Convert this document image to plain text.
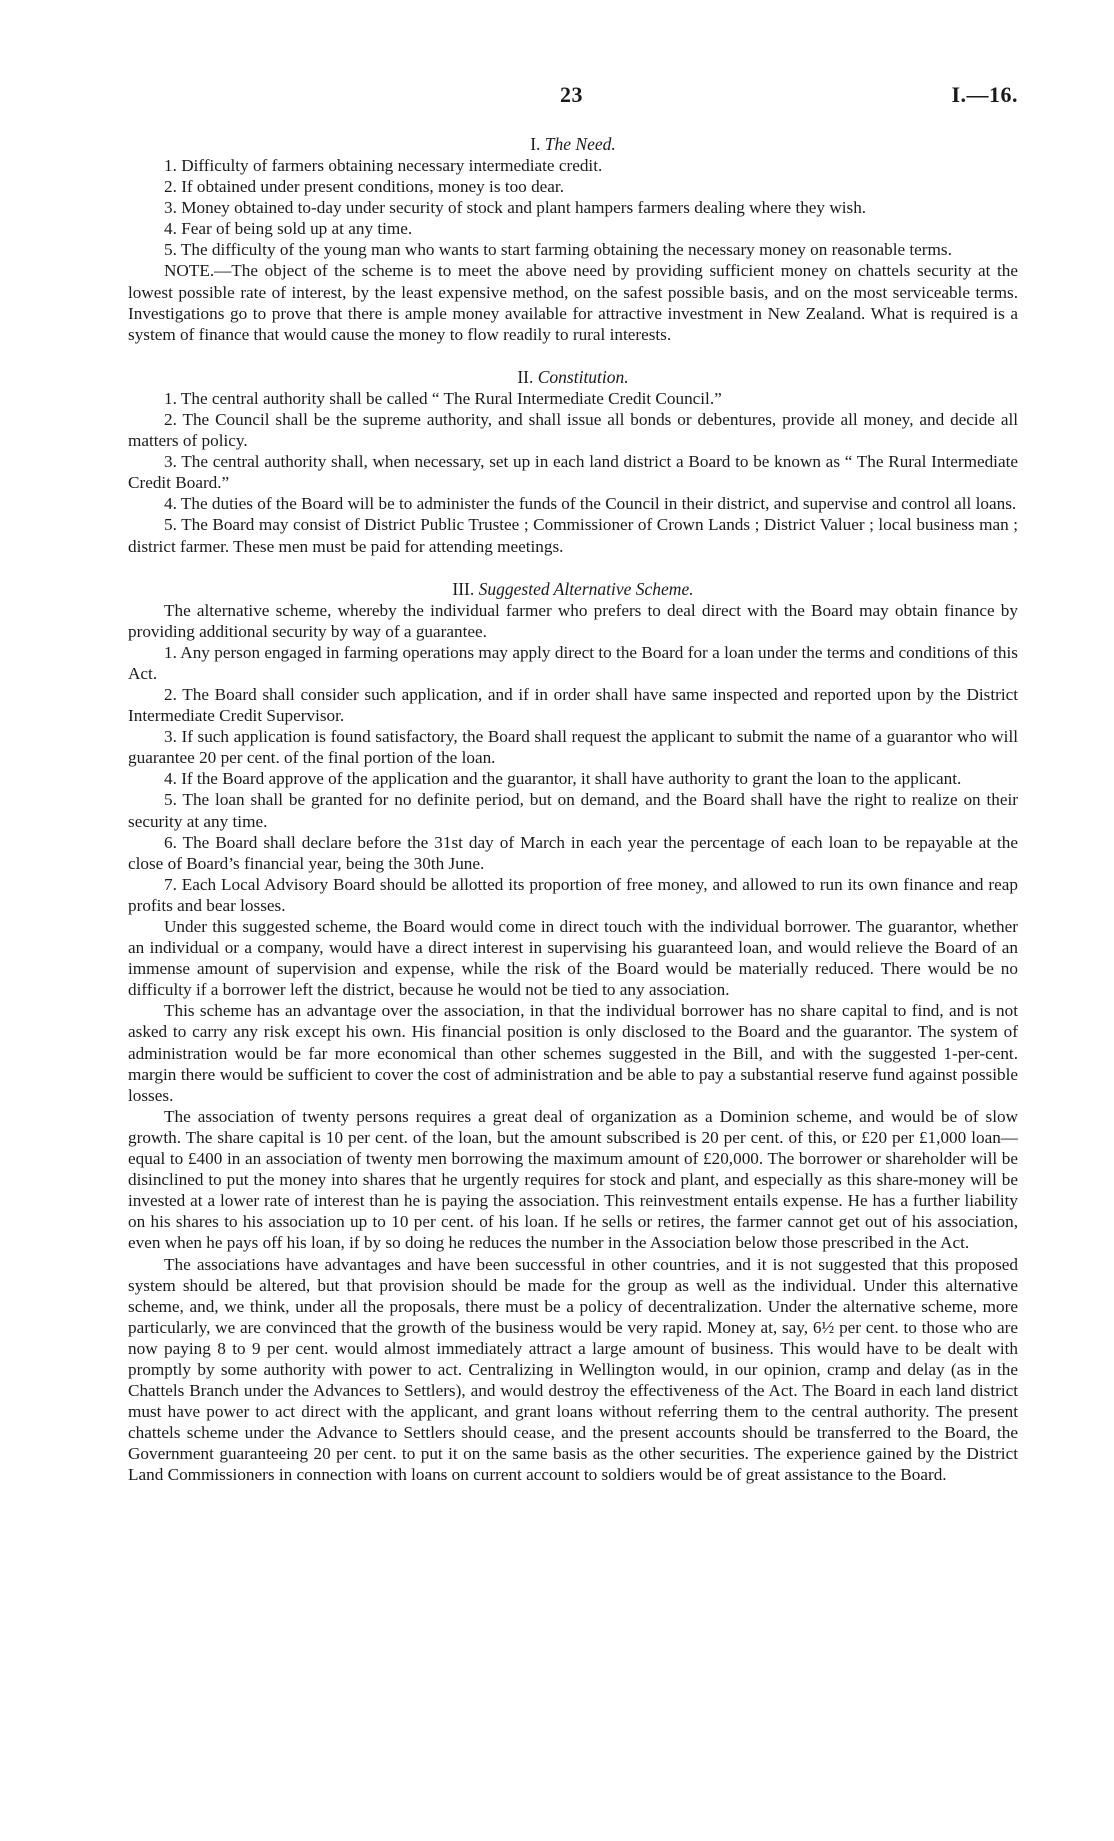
23	I.—16.
I. The Need.

1. Difficulty of farmers obtaining necessary intermediate credit.

2. If obtained under present conditions, money is too dear.

3. Money obtained to-day under security of stock and plant hampers farmers dealing where they wish.

4. Fear of being sold up at any time.

5. The difficulty of the young man who wants to start farming obtaining the necessary money on reasonable terms.

NOTE.—The object of the scheme is to meet the above need by providing sufficient money on chattels security at the lowest possible rate of interest, by the least expensive method, on the safest possible basis, and on the most serviceable terms. Investigations go to prove that there is ample money available for attractive investment in New Zealand. What is required is a system of finance that would cause the money to flow readily to rural interests.

II. Constitution.

1. The central authority shall be called “ The Rural Intermediate Credit Council.”

2. The Council shall be the supreme authority, and shall issue all bonds or debentures, provide all money, and decide all matters of policy.

3. The central authority shall, when necessary, set up in each land district a Board to be known as “ The Rural Intermediate Credit Board.”

4. The duties of the Board will be to administer the funds of the Council in their district, and supervise and control all loans.

5. The Board may consist of District Public Trustee ; Commissioner of Crown Lands ; District Valuer ; local business man ; district farmer. These men must be paid for attending meetings.

III. Suggested Alternative Scheme.

The alternative scheme, whereby the individual farmer who prefers to deal direct with the Board may obtain finance by providing additional security by way of a guarantee.

1. Any person engaged in farming operations may apply direct to the Board for a loan under the terms and conditions of this Act.

2. The Board shall consider such application, and if in order shall have same inspected and reported upon by the District Intermediate Credit Supervisor.

3. If such application is found satisfactory, the Board shall request the applicant to submit the name of a guarantor who will guarantee 20 per cent. of the final portion of the loan.

4. If the Board approve of the application and the guarantor, it shall have authority to grant the loan to the applicant.

5. The loan shall be granted for no definite period, but on demand, and the Board shall have the right to realize on their security at any time.

6. The Board shall declare before the 31st day of March in each year the percentage of each loan to be repayable at the close of Board’s financial year, being the 30th June.

7. Each Local Advisory Board should be allotted its proportion of free money, and allowed to run its own finance and reap profits and bear losses.

Under this suggested scheme, the Board would come in direct touch with the individual borrower. The guarantor, whether an individual or a company, would have a direct interest in supervising his guaranteed loan, and would relieve the Board of an immense amount of supervision and expense, while the risk of the Board would be materially reduced. There would be no difficulty if a borrower left the district, because he would not be tied to any association.

This scheme has an advantage over the association, in that the individual borrower has no share capital to find, and is not asked to carry any risk except his own. His financial position is only disclosed to the Board and the guarantor. The system of administration would be far more economical than other schemes suggested in the Bill, and with the suggested 1-per-cent. margin there would be sufficient to cover the cost of administration and be able to pay a substantial reserve fund against possible losses.

The association of twenty persons requires a great deal of organization as a Dominion scheme, and would be of slow growth. The share capital is 10 per cent. of the loan, but the amount subscribed is 20 per cent. of this, or £20 per £1,000 loan—equal to £400 in an association of twenty men borrowing the maximum amount of £20,000. The borrower or shareholder will be disinclined to put the money into shares that he urgently requires for stock and plant, and especially as this share-money will be invested at a lower rate of interest than he is paying the association. This reinvestment entails expense. He has a further liability on his shares to his association up to 10 per cent. of his loan. If he sells or retires, the farmer cannot get out of his association, even when he pays off his loan, if by so doing he reduces the number in the Association below those prescribed in the Act.

The associations have advantages and have been successful in other countries, and it is not suggested that this proposed system should be altered, but that provision should be made for the group as well as the individual. Under this alternative scheme, and, we think, under all the proposals, there must be a policy of decentralization. Under the alternative scheme, more particularly, we are convinced that the growth of the business would be very rapid. Money at, say, 6½ per cent. to those who are now paying 8 to 9 per cent. would almost immediately attract a large amount of business. This would have to be dealt with promptly by some authority with power to act. Centralizing in Wellington would, in our opinion, cramp and delay (as in the Chattels Branch under the Advances to Settlers), and would destroy the effectiveness of the Act. The Board in each land district must have power to act direct with the applicant, and grant loans without referring them to the central authority. The present chattels scheme under the Advance to Settlers should cease, and the present accounts should be transferred to the Board, the Government guaranteeing 20 per cent. to put it on the same basis as the other securities. The experience gained by the District Land Commissioners in connection with loans on current account to soldiers would be of great assistance to the Board.
